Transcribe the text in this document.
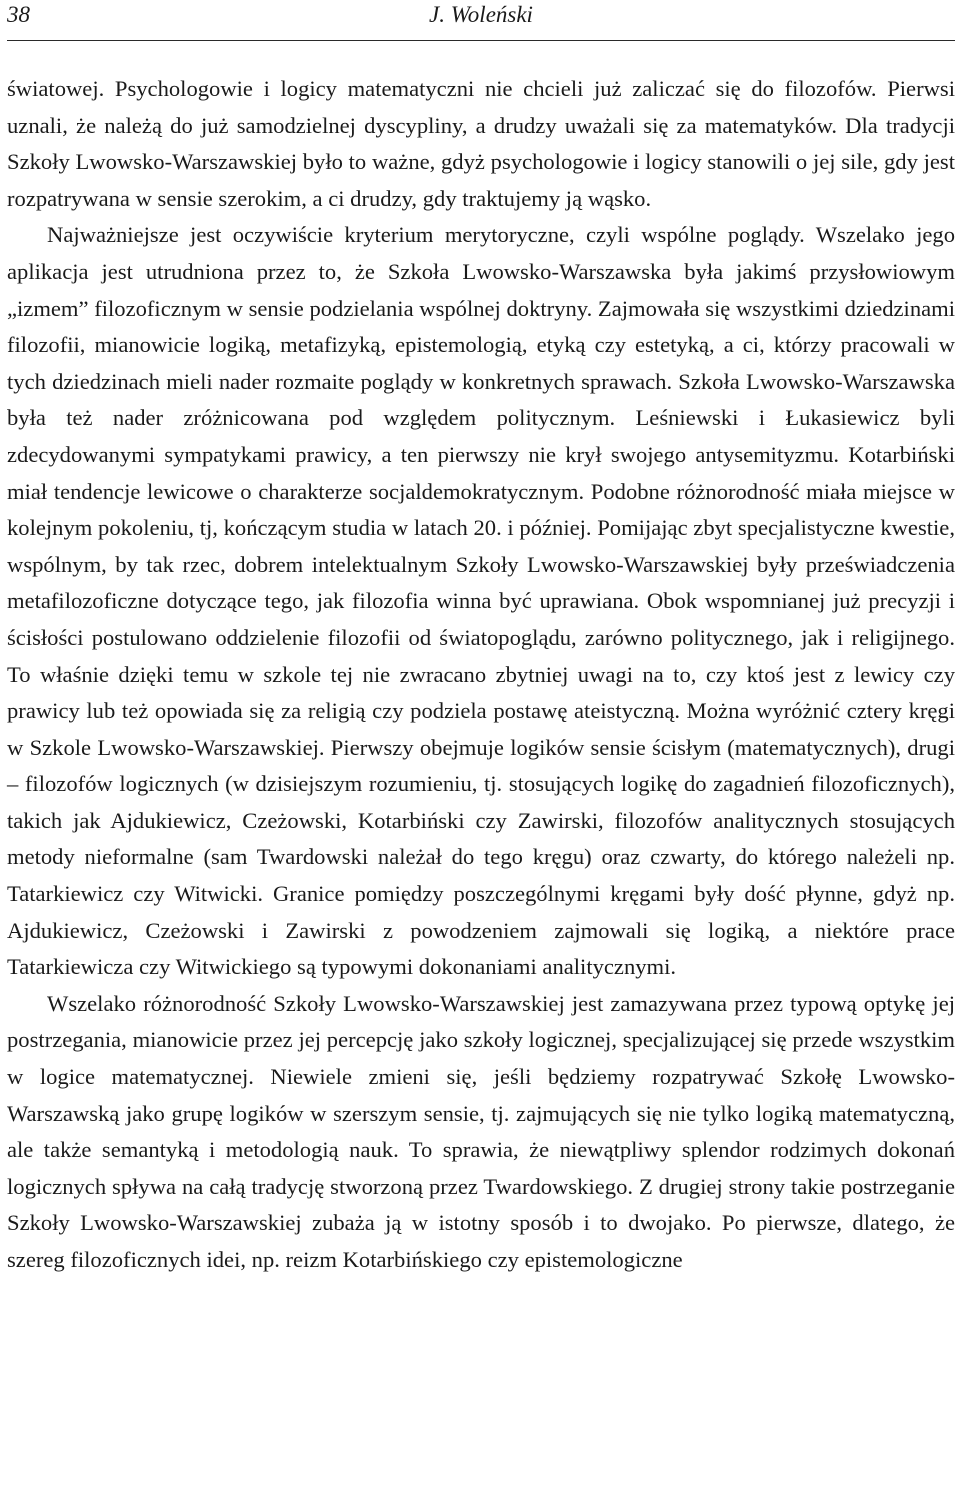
38	J. Woleński

światowej. Psychologowie i logicy matematyczni nie chcieli już zaliczać się do filozofów. Pierwsi uznali, że należą do już samodzielnej dyscypliny, a drudzy uważali się za matematyków. Dla tradycji Szkoły Lwowsko-Warszawskiej było to ważne, gdyż psychologowie i logicy stanowili o jej sile, gdy jest rozpatrywana w sensie szerokim, a ci drudzy, gdy traktujemy ją wąsko.

Najważniejsze jest oczywiście kryterium merytoryczne, czyli wspólne poglądy. Wszelako jego aplikacja jest utrudniona przez to, że Szkoła Lwowsko-Warszawska była jakimś przysłowiowym „izmem” filozoficznym w sensie podzielania wspólnej doktryny. Zajmowała się wszystkimi dziedzinami filozofii, mianowicie logiką, metafizyką, epistemologią, etyką czy estetyką, a ci, którzy pracowali w tych dziedzinach mieli nader rozmaite poglądy w konkretnych sprawach. Szkoła Lwowsko-Warszawska była też nader zróżnicowana pod względem politycznym. Leśniewski i Łukasiewicz byli zdecydowanymi sympatykami prawicy, a ten pierwszy nie krył swojego antysemityzmu. Kotarbiński miał tendencje lewicowe o charakterze socjaldemokratycznym. Podobne różnorodność miała miejsce w kolejnym pokoleniu, tj, kończącym studia w latach 20. i później. Pomijając zbyt specjalistyczne kwestie, wspólnym, by tak rzec, dobrem intelektualnym Szkoły Lwowsko-Warszawskiej były przeświadczenia metafilozoficzne dotyczące tego, jak filozofia winna być uprawiana. Obok wspomnianej już precyzji i ścisłości postulowano oddzielenie filozofii od światopoglądu, zarówno politycznego, jak i religijnego. To właśnie dzięki temu w szkole tej nie zwracano zbytniej uwagi na to, czy ktoś jest z lewicy czy prawicy lub też opowiada się za religią czy podziela postawę ateistyczną. Można wyróżnić cztery kręgi w Szkole Lwowsko-Warszawskiej. Pierwszy obejmuje logików sensie ścisłym (matematycznych), drugi – filozofów logicznych (w dzisiejszym rozumieniu, tj. stosujących logikę do zagadnień filozoficznych), takich jak Ajdukiewicz, Czeżowski, Kotarbiński czy Zawirski, filozofów analitycznych stosujących metody nieformalne (sam Twardowski należał do tego kręgu) oraz czwarty, do którego należeli np. Tatarkiewicz czy Witwicki. Granice pomiędzy poszczególnymi kręgami były dość płynne, gdyż np. Ajdukiewicz, Czeżowski i Zawirski z powodzeniem zajmowali się logiką, a niektóre prace Tatarkiewicza czy Witwickiego są typowymi dokonaniami analitycznymi.

Wszelako różnorodność Szkoły Lwowsko-Warszawskiej jest zamazywana przez typową optykę jej postrzegania, mianowicie przez jej percepcję jako szkoły logicznej, specjalizującej się przede wszystkim w logice matematycznej. Niewiele zmieni się, jeśli będziemy rozpatrywać Szkołę Lwowsko-Warszawską jako grupę logików w szerszym sensie, tj. zajmujących się nie tylko logiką matematyczną, ale także semantyką i metodologią nauk. To sprawia, że niewątpliwy splendor rodzimych dokonań logicznych spływa na całą tradycję stworzoną przez Twardowskiego. Z drugiej strony takie postrzeganie Szkoły Lwowsko-Warszawskiej zubaża ją w istotny sposób i to dwojako. Po pierwsze, dlatego, że szereg filozoficznych idei, np. reizm Kotarbińskiego czy epistemologiczne
